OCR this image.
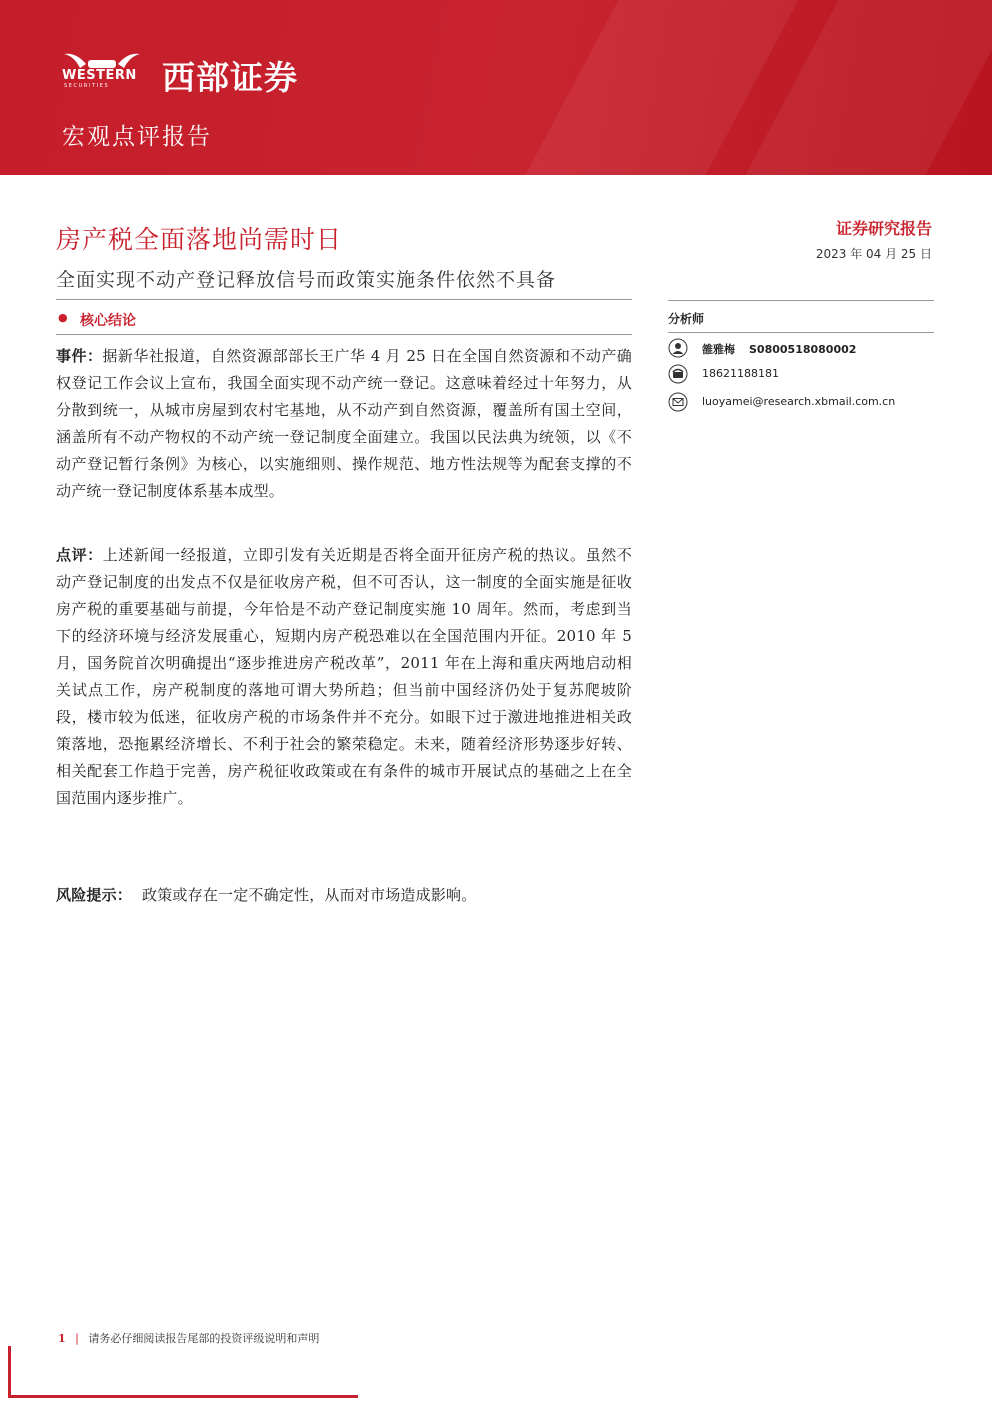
WESTERN
SECURITIES 西部证券
宏观点评报告
房产税全面落地尚需时日
全面实现不动产登记释放信号而政策实施条件依然不具备
● 核心结论
事件：据新华社报道，自然资源部部长王广华 4 月 25 日在全国自然资源和不动产确权登记工作会议上宣布，我国全面实现不动产统一登记。这意味着经过十年努力，从分散到统一，从城市房屋到农村宅基地，从不动产到自然资源，覆盖所有国土空间，涵盖所有不动产物权的不动产统一登记制度全面建立。我国以民法典为统领，以《不动产登记暂行条例》为核心，以实施细则、操作规范、地方性法规等为配套支撑的不动产统一登记制度体系基本成型。
点评：上述新闻一经报道，立即引发有关近期是否将全面开征房产税的热议。虽然不动产登记制度的出发点不仅是征收房产税，但不可否认，这一制度的全面实施是征收房产税的重要基础与前提，今年恰是不动产登记制度实施 10 周年。然而，考虑到当下的经济环境与经济发展重心，短期内房产税恐难以在全国范围内开征。2010 年 5 月，国务院首次明确提出“逐步推进房产税改革”，2011 年在上海和重庆两地启动相关试点工作，房产税制度的落地可谓大势所趋；但当前中国经济仍处于复苏爬坡阶段，楼市较为低迷，征收房产税的市场条件并不充分。如眼下过于激进地推进相关政策落地，恐拖累经济增长、不利于社会的繁荣稳定。未来，随着经济形势逐步好转、相关配套工作趋于完善，房产税征收政策或在有条件的城市开展试点的基础之上在全国范围内逐步推广。
风险提示： 政策或存在一定不确定性，从而对市场造成影响。
证券研究报告
2023 年 04 月 25 日
分析师
雒雅梅 S0800518080002
18621188181
luoyamei@research.xbmail.com.cn
1 | 请务必仔细阅读报告尾部的投资评级说明和声明
